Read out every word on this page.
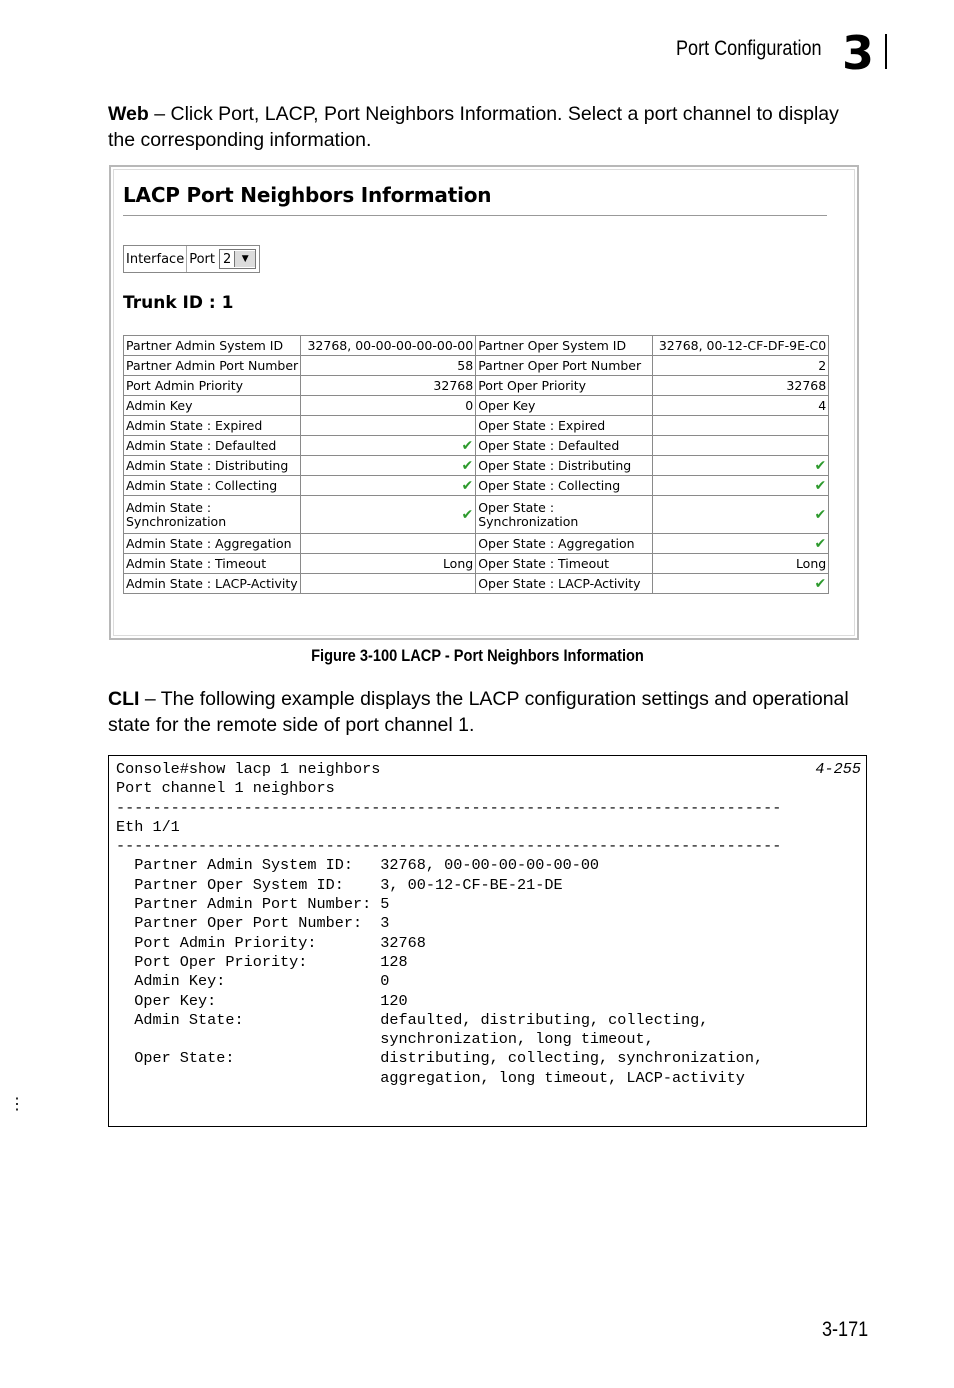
Port Configuration 3
Web – Click Port, LACP, Port Neighbors Information. Select a port channel to display the corresponding information.
LACP Port Neighbors Information
Interface Port 2	▼
Trunk ID : 1
Partner Admin System ID	32768, 00-00-00-00-00-00	Partner Oper System ID	32768, 00-12-CF-DF-9E-C0
Partner Admin Port Number	58	Partner Oper Port Number	2
Port Admin Priority	32768	Port Oper Priority	32768
Admin Key	0	Oper Key	4
Admin State : Expired		Oper State : Expired	
Admin State : Defaulted	✔	Oper State : Defaulted	
Admin State : Distributing	✔	Oper State : Distributing	✔
Admin State : Collecting	✔	Oper State : Collecting	✔
Admin State : Synchronization	✔	Oper State : Synchronization	✔
Admin State : Aggregation		Oper State : Aggregation	✔
Admin State : Timeout	Long	Oper State : Timeout	Long
Admin State : LACP-Activity		Oper State : LACP-Activity	✔
Figure 3-100 LACP - Port Neighbors Information
CLI – The following example displays the LACP configuration settings and operational state for the remote side of port channel 1.
Console#show lacp 1 neighbors
Port channel 1 neighbors
-------------------------------------------------------------------------
Eth 1/1
-------------------------------------------------------------------------
Partner Admin System ID:   32768, 00-00-00-00-00-00
Partner Oper System ID:    3, 00-12-CF-BE-21-DE
Partner Admin Port Number: 5
Partner Oper Port Number:  3
Port Admin Priority:       32768
Port Oper Priority:        128
Admin Key:                 0
Oper Key:                  120
Admin State:               defaulted, distributing, collecting,
synchronization, long timeout,
Oper State:                distributing, collecting, synchronization,
aggregation, long timeout, LACP-activity
4-255
⋮
3-171
